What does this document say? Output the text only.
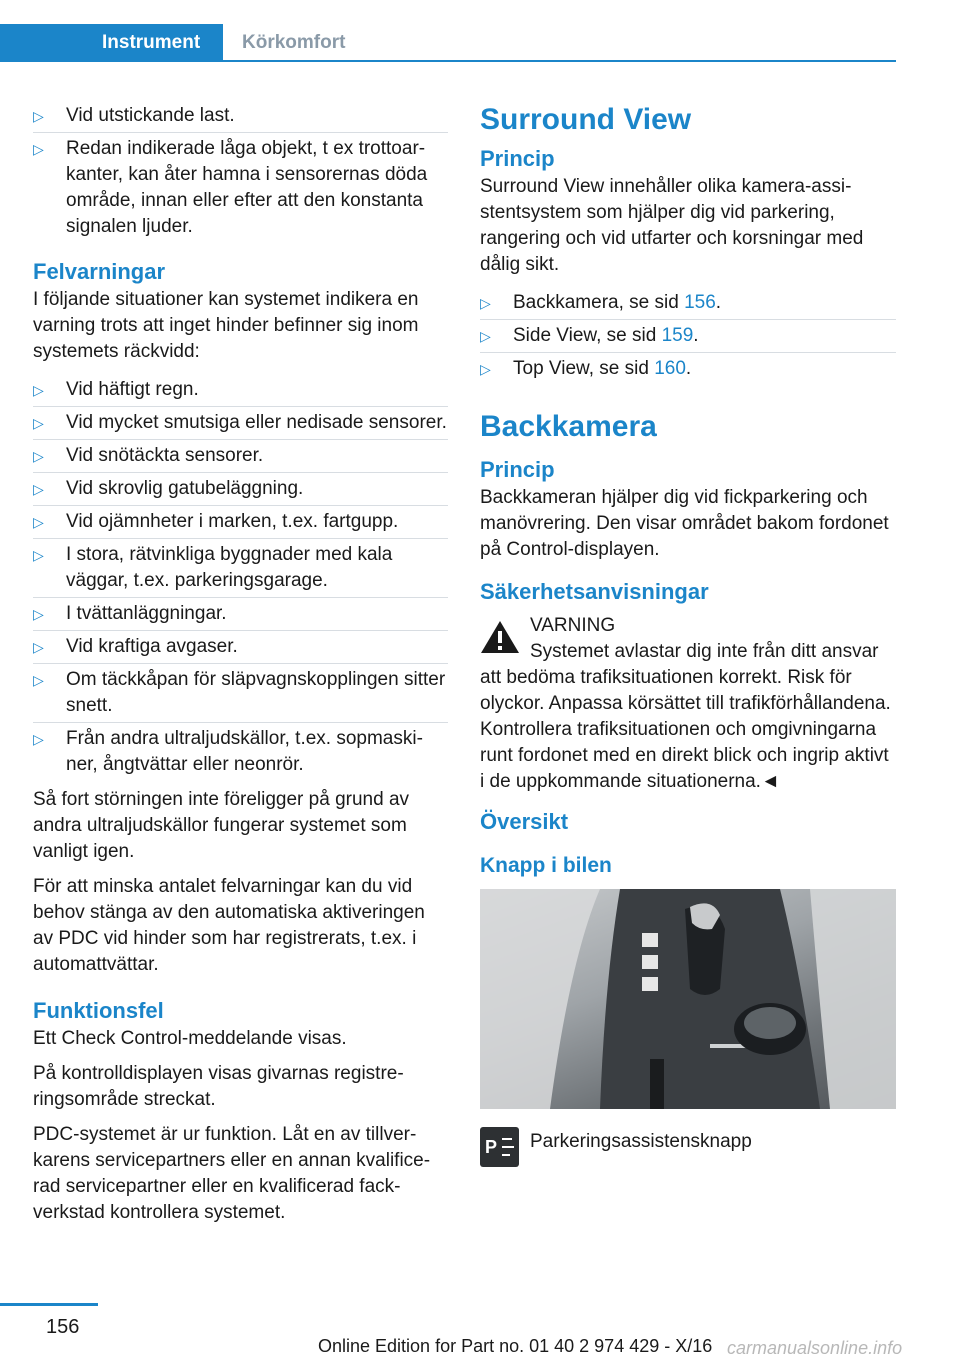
Instrument	Körkomfort
▷ Vid utstickande last.
▷ Redan indikerade låga objekt, t ex trottoarkanter, kan åter hamna i sensorernas döda område, innan eller efter att den konstanta signalen ljuder.
Felvarningar

I följande situationer kan systemet indikera en varning trots att inget hinder befinner sig inom systemets räckvidd:

▷ Vid häftigt regn.
▷ Vid mycket smutsiga eller nedisade sensorer.
▷ Vid snötäckta sensorer.
▷ Vid skrovlig gatubeläggning.
▷ Vid ojämnheter i marken, t.ex. fartgupp.
▷ I stora, rätvinkliga byggnader med kala väggar, t.ex. parkeringsgarage.
▷ I tvättanläggningar.
▷ Vid kraftiga avgaser.
▷ Om täckkåpan för släpvagnskopplingen sitter snett.
▷ Från andra ultraljudskällor, t.ex. sopmaskiner, ångtvättar eller neonrör.

Så fort störningen inte föreligger på grund av andra ultraljudskällor fungerar systemet som vanligt igen.

För att minska antalet felvarningar kan du vid behov stänga av den automatiska aktiveringen av PDC vid hinder som har registrerats, t.ex. i automattvättar.

Funktionsfel

Ett Check Control-meddelande visas.

På kontrolldisplayen visas givarnas registreringsområde streckat.

PDC-systemet är ur funktion. Låt en av tillverkarens servicepartners eller en annan kvalificerad servicepartner eller en kvalificerad fackverkstad kontrollera systemet.

Surround View
Princip

Surround View innehåller olika kamera-assistentsystem som hjälper dig vid parkering, rangering och vid utfarter och korsningar med dålig sikt.

▷ Backkamera, se sid 156.
▷ Side View, se sid 159.
▷ Top View, se sid 160.
Backkamera
Princip

Backkameran hjälper dig vid fickparkering och manövrering. Den visar området bakom fordonet på Control-displayen.

Säkerhetsanvisningar

VARNING

Systemet avlastar dig inte från ditt ansvar

att bedöma trafiksituationen korrekt. Risk för olyckor. Anpassa körsättet till trafikförhållandena. Kontrollera trafiksituationen och omgivningarna runt fordonet med en direkt blick och ingrip aktivt i de uppkommande situationerna.◄

Översikt
Knapp i bilen
P Parkeringsassistensknapp
156
Online Edition for Part no. 01 40 2 974 429 - X/16 carmanualsonline.info
